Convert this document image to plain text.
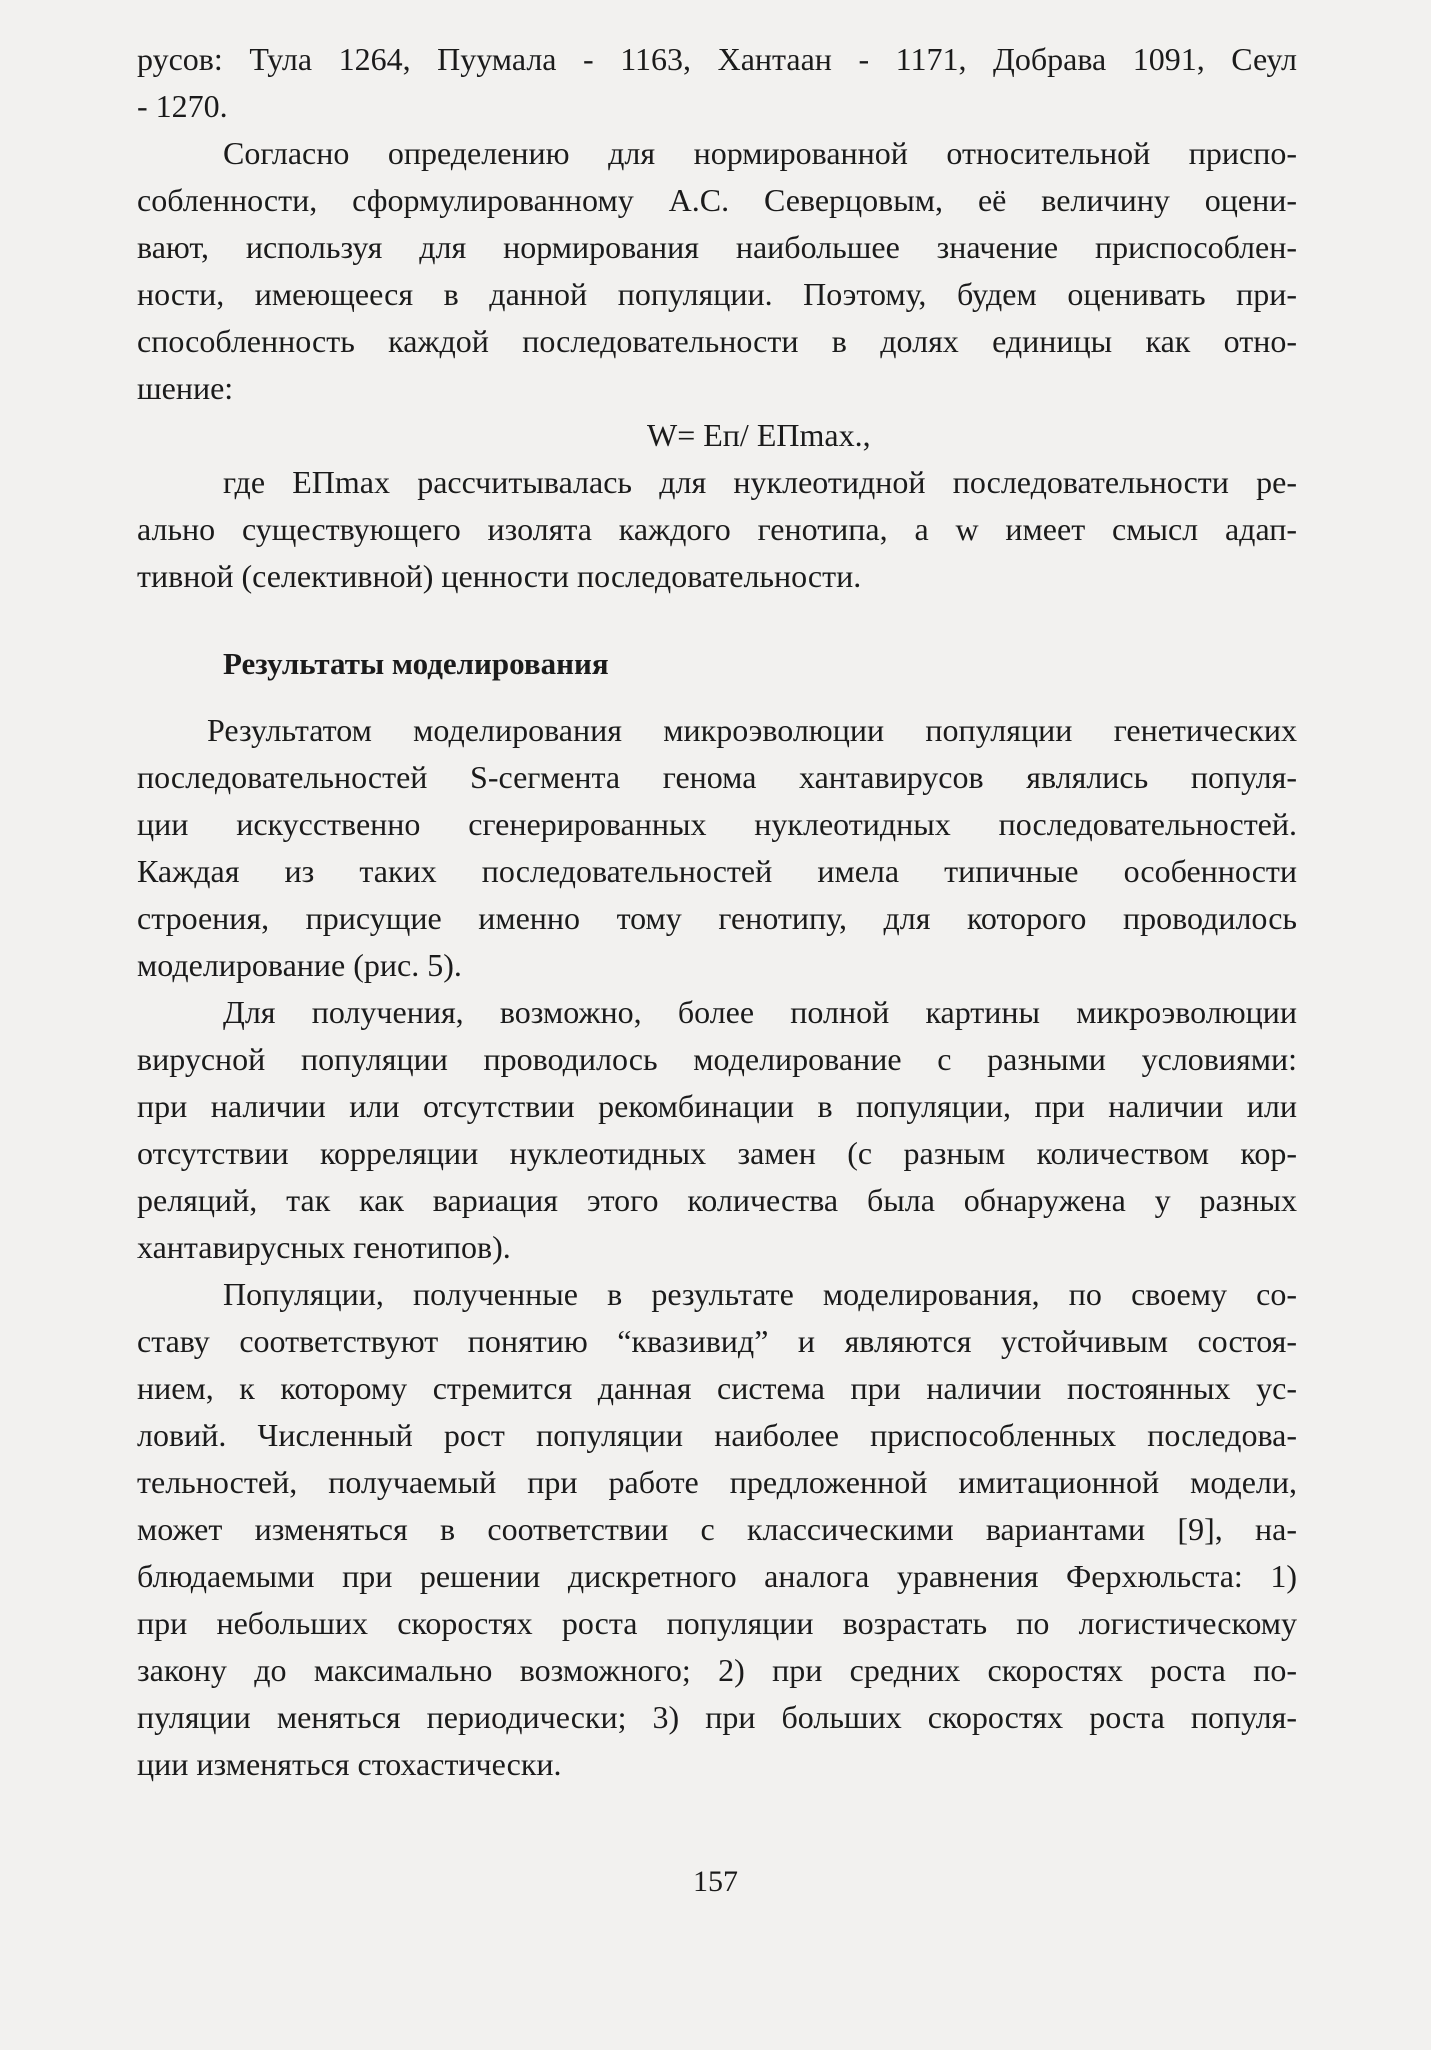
русов: Тула 1264, Пуумала - 1163, Хантаан - 1171, Добрава 1091, Сеул
- 1270.
Согласно определению для нормированной относительной приспо-
собленности, сформулированному А.С. Северцовым, её величину оцени-
вают, используя для нормирования наибольшее значение приспособлен-
ности, имеющееся в данной популяции. Поэтому, будем оценивать при-
способленность каждой последовательности в долях единицы как отно-
шение:
W= Еп/ ЕПmax.,
где ЕПmax рассчитывалась для нуклеотидной последовательности ре-
ально существующего изолята каждого генотипа, а w имеет смысл адап-
тивной (селективной) ценности последовательности.
Результаты моделирования
Результатом моделирования микроэволюции популяции генетических
последовательностей S-сегмента генома хантавирусов являлись популя-
ции искусственно сгенерированных нуклеотидных последовательностей.
Каждая из таких последовательностей имела типичные особенности
строения, присущие именно тому генотипу, для которого проводилось
моделирование (рис. 5).
Для получения, возможно, более полной картины микроэволюции
вирусной популяции проводилось моделирование с разными условиями:
при наличии или отсутствии рекомбинации в популяции, при наличии или
отсутствии корреляции нуклеотидных замен (с разным количеством кор-
реляций, так как вариация этого количества была обнаружена у разных
хантавирусных генотипов).
Популяции, полученные в результате моделирования, по своему со-
ставу соответствуют понятию “квазивид” и являются устойчивым состоя-
нием, к которому стремится данная система при наличии постоянных ус-
ловий. Численный рост популяции наиболее приспособленных последова-
тельностей, получаемый при работе предложенной имитационной модели,
может изменяться в соответствии с классическими вариантами [9], на-
блюдаемыми при решении дискретного аналога уравнения Ферхюльста: 1)
при небольших скоростях роста популяции возрастать по логистическому
закону до максимально возможного; 2) при средних скоростях роста по-
пуляции меняться периодически; 3) при больших скоростях роста популя-
ции изменяться стохастически.
157
